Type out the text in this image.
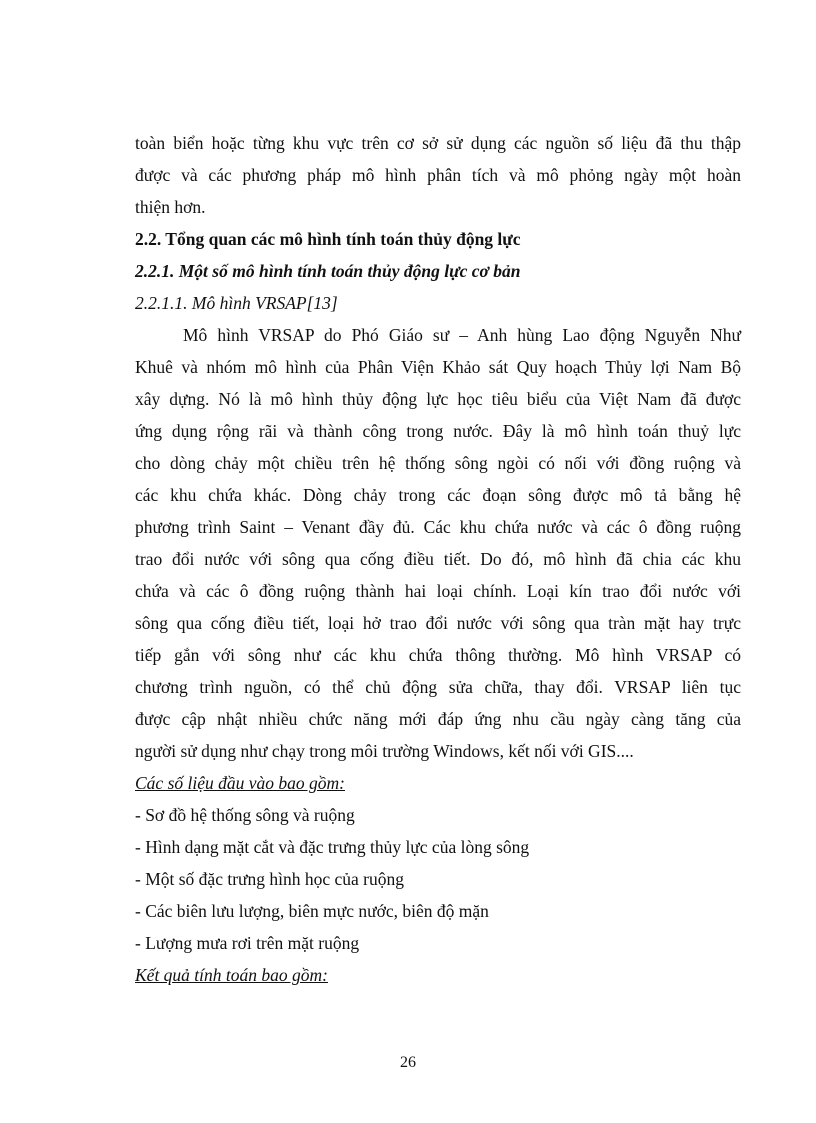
toàn biển hoặc từng khu vực trên cơ sở sử dụng các nguồn số liệu đã thu thập
được và các phương pháp mô hình phân tích và mô phỏng ngày một hoàn
thiện hơn.
2.2. Tổng quan các mô hình tính toán thủy động lực
2.2.1. Một số mô hình tính toán thủy động lực cơ bản
2.2.1.1. Mô hình VRSAP[13]
Mô hình VRSAP do Phó Giáo sư – Anh hùng Lao động Nguyễn Như
Khuê và nhóm mô hình của Phân Viện Khảo sát Quy hoạch Thủy lợi Nam Bộ
xây dựng. Nó là mô hình thủy động lực học tiêu biểu của Việt Nam đã được
ứng dụng rộng rãi và thành công trong nước. Đây là mô hình toán thuỷ lực
cho dòng chảy một chiều trên hệ thống sông ngòi có nối với đồng ruộng và
các khu chứa khác. Dòng chảy trong các đoạn sông được mô tả bằng hệ
phương trình Saint – Venant đầy đủ. Các khu chứa nước và các ô đồng ruộng
trao đổi nước với sông qua cống điều tiết. Do đó, mô hình đã chia các khu
chứa và các ô đồng ruộng thành hai loại chính. Loại kín trao đổi nước với
sông qua cống điều tiết, loại hở trao đổi nước với sông qua tràn mặt hay trực
tiếp gắn với sông như các khu chứa thông thường. Mô hình VRSAP có
chương trình nguồn, có thể chủ động sửa chữa, thay đổi. VRSAP liên tục
được cập nhật nhiều chức năng mới đáp ứng nhu cầu ngày càng tăng của
người sử dụng như chạy trong môi trường Windows, kết nối với GIS....
Các số liệu đầu vào bao gồm:
- Sơ đồ hệ thống sông và ruộng
- Hình dạng mặt cắt và đặc trưng thủy lực của lòng sông
- Một số đặc trưng hình học của ruộng
- Các biên lưu lượng, biên mực nước, biên độ mặn
- Lượng mưa rơi trên mặt ruộng
Kết quả tính toán bao gồm:
26
